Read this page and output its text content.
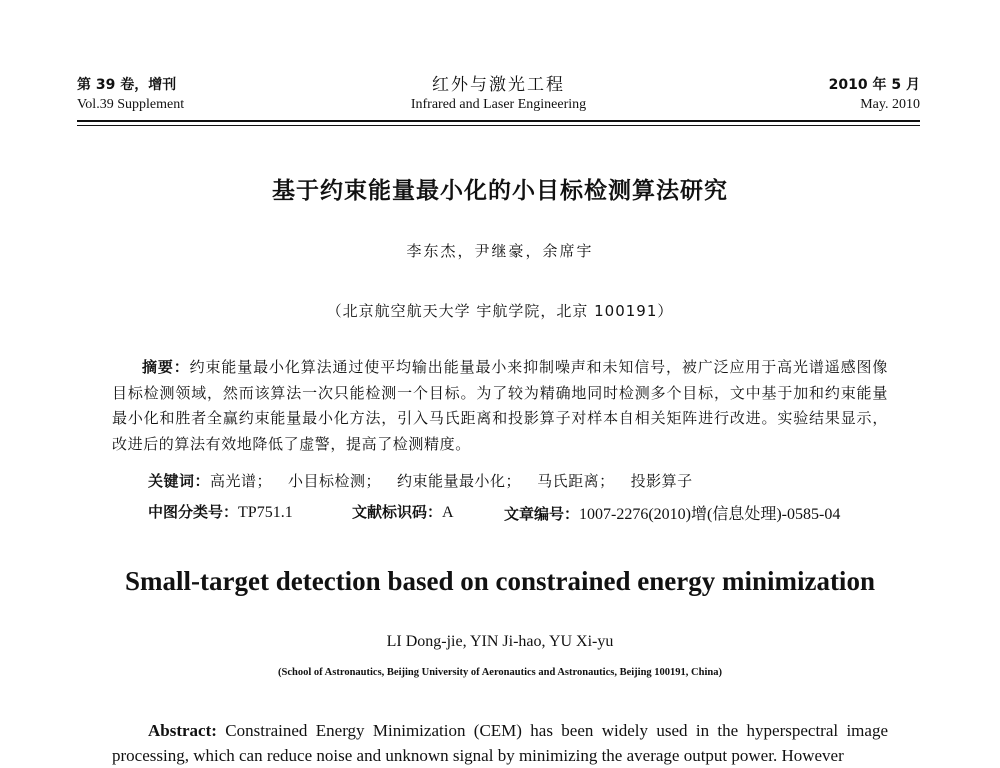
第 39 卷，增刊
Vol.39 Supplement
红外与激光工程
Infrared and Laser Engineering
2010 年 5 月
May. 2010
基于约束能量最小化的小目标检测算法研究
李东杰，尹继豪，余席宇
（北京航空航天大学 宇航学院，北京 100191）
摘要：约束能量最小化算法通过使平均输出能量最小来抑制噪声和未知信号，被广泛应用于高光谱遥感图像目标检测领域，然而该算法一次只能检测一个目标。为了较为精确地同时检测多个目标，文中基于加和约束能量最小化和胜者全赢约束能量最小化方法，引入马氏距离和投影算子对样本自相关矩阵进行改进。实验结果显示，改进后的算法有效地降低了虚警，提高了检测精度。
关键词：高光谱； 小目标检测； 约束能量最小化； 马氏距离； 投影算子
中图分类号：TP751.1	文献标识码：A	文章编号：1007-2276(2010)增(信息处理)-0585-04
Small-target detection based on constrained energy minimization
LI Dong-jie, YIN Ji-hao, YU Xi-yu
(School of Astronautics, Beijing University of Aeronautics and Astronautics, Beijing 100191, China)

Abstract: Constrained Energy Minimization (CEM) has been widely used in the hyperspectral image processing, which can reduce noise and unknown signal by minimizing the average output power. However
